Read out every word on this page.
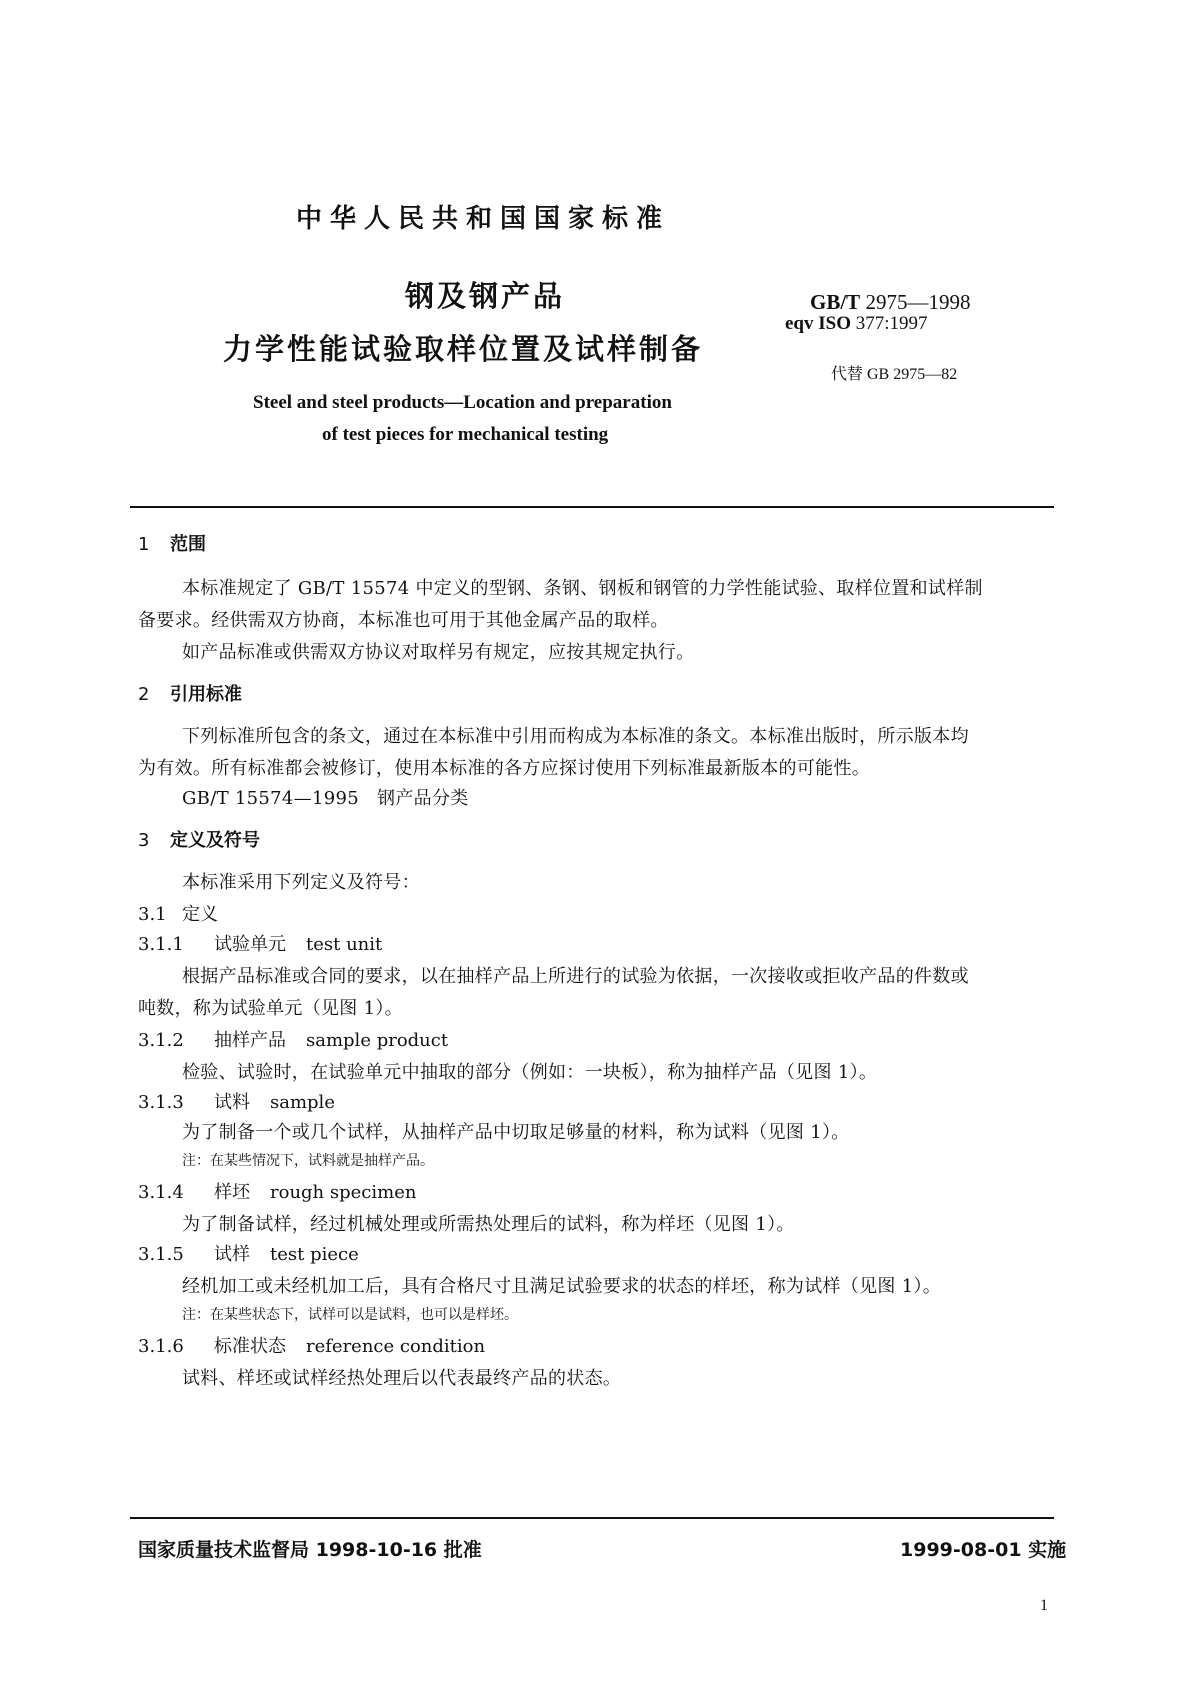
中华人民共和国国家标准
钢及钢产品
力学性能试验取样位置及试样制备
GB/T 2975—1998
eqv ISO 377:1997
代替 GB 2975—82
Steel and steel products—Location and preparation
of test pieces for mechanical testing
1 范围
本标准规定了 GB/T 15574 中定义的型钢、条钢、钢板和钢管的力学性能试验、取样位置和试样制
备要求。经供需双方协商，本标准也可用于其他金属产品的取样。
如产品标准或供需双方协议对取样另有规定，应按其规定执行。
2 引用标准
下列标准所包含的条文，通过在本标准中引用而构成为本标准的条文。本标准出版时，所示版本均
为有效。所有标准都会被修订，使用本标准的各方应探讨使用下列标准最新版本的可能性。
GB/T 15574—1995 钢产品分类
3 定义及符号
本标准采用下列定义及符号：
3.1 定义
3.1.1 试验单元 test unit
根据产品标准或合同的要求，以在抽样产品上所进行的试验为依据，一次接收或拒收产品的件数或
吨数，称为试验单元（见图 1）。
3.1.2 抽样产品 sample product
检验、试验时，在试验单元中抽取的部分（例如：一块板），称为抽样产品（见图 1）。
3.1.3 试料 sample
为了制备一个或几个试样，从抽样产品中切取足够量的材料，称为试料（见图 1）。
注：在某些情况下，试料就是抽样产品。
3.1.4 样坯 rough specimen
为了制备试样，经过机械处理或所需热处理后的试料，称为样坯（见图 1）。
3.1.5 试样 test piece
经机加工或未经机加工后，具有合格尺寸且满足试验要求的状态的样坯，称为试样（见图 1）。
注：在某些状态下，试样可以是试料，也可以是样坯。
3.1.6 标准状态 reference condition
试料、样坯或试样经热处理后以代表最终产品的状态。
国家质量技术监督局 1998-10-16 批准	1999-08-01 实施
1
